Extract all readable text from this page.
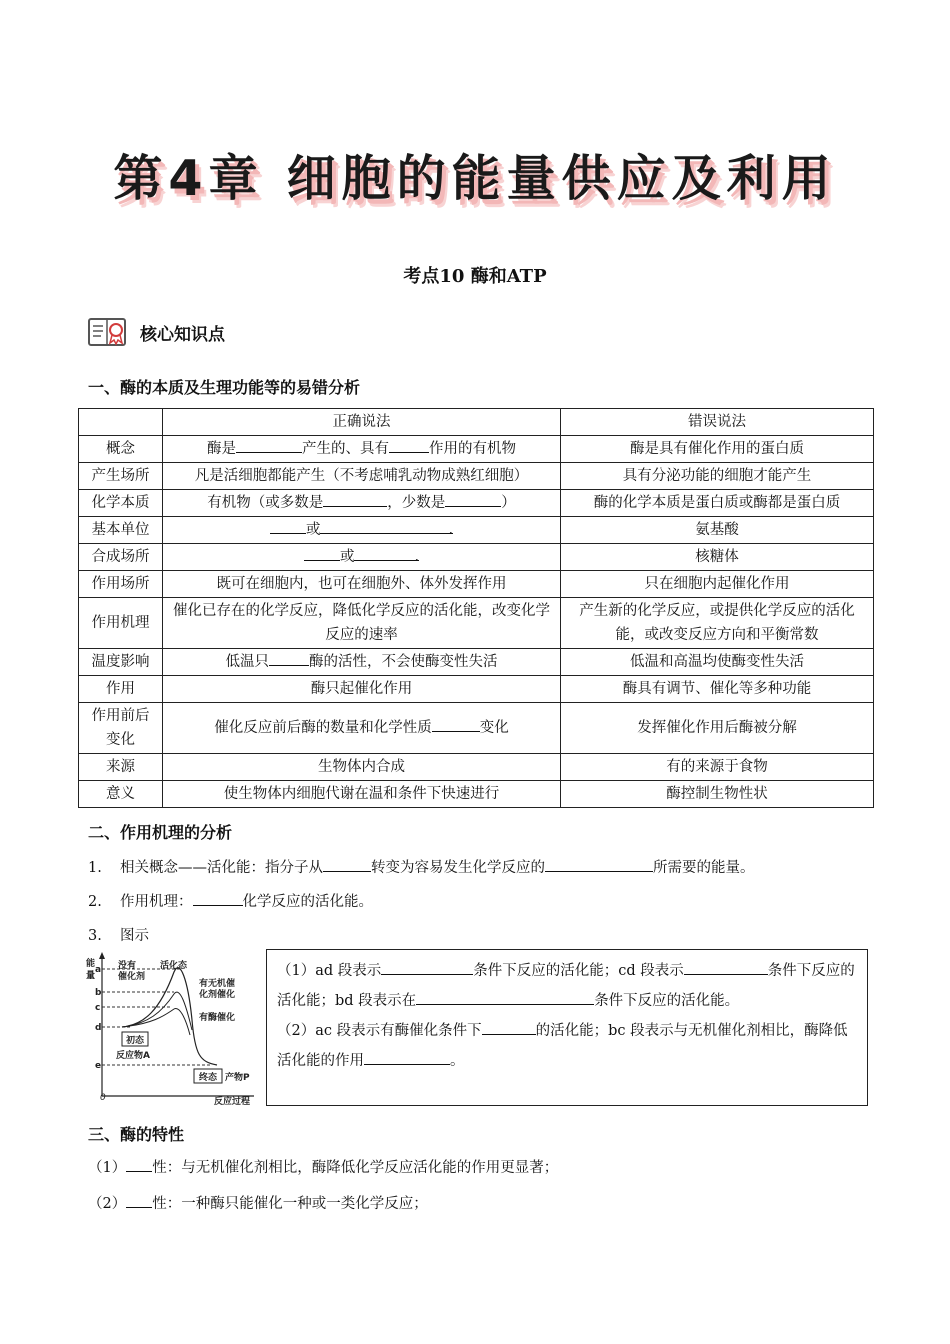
第4章 细胞的能量供应及利用
考点10 酶和ATP
核心知识点
一、酶的本质及生理功能等的易错分析
	正确说法	错误说法
概念	酶是 产生的、具有 作用的有机物	酶是具有催化作用的蛋白质
产生场所	凡是活细胞都能产生（不考虑哺乳动物成熟红细胞）	具有分泌功能的细胞才能产生
化学本质	有机物（或多数是 ，少数是 ）	酶的化学本质是蛋白质或酶都是蛋白质
基本单位	或 .	氨基酸
合成场所	或 .	核糖体
作用场所	既可在细胞内，也可在细胞外、体外发挥作用	只在细胞内起催化作用
作用机理	催化已存在的化学反应，降低化学反应的活化能，改变化学反应的速率	产生新的化学反应，或提供化学反应的活化能，或改变反应方向和平衡常数
温度影响	低温只 酶的活性，不会使酶变性失活	低温和高温均使酶变性失活
作用	酶只起催化作用	酶具有调节、催化等多种功能
作用前后变化	催化反应前后酶的数量和化学性质 变化	发挥催化作用后酶被分解
来源	生物体内合成	有的来源于食物
意义	使生物体内细胞代谢在温和条件下快速进行	酶控制生物性状
二、作用机理的分析
1. 相关概念——活化能：指分子从	转变为容易发生化学反应的	所需要的能量。
2. 作用机理：	化学反应的活化能。
3. 图示
能
量
0	反应过程
a
b
c
d
e
活化态
没有
催化剂
有无机催
化剂催化
有酶催化
初态
反应物A
终态 产物P

（1）ad 段表示	条件下反应的活化能；cd 段表示	条件下反应的活化能；bd 段表示在	条件下反应的活化能。

（2）ac 段表示有酶催化条件下	的活化能；bc 段表示与无机催化剂相比，酶降低活化能的作用	。

三、酶的特性
（1） 性：与无机催化剂相比，酶降低化学反应活化能的作用更显著；
（2） 性：一种酶只能催化一种或一类化学反应；
